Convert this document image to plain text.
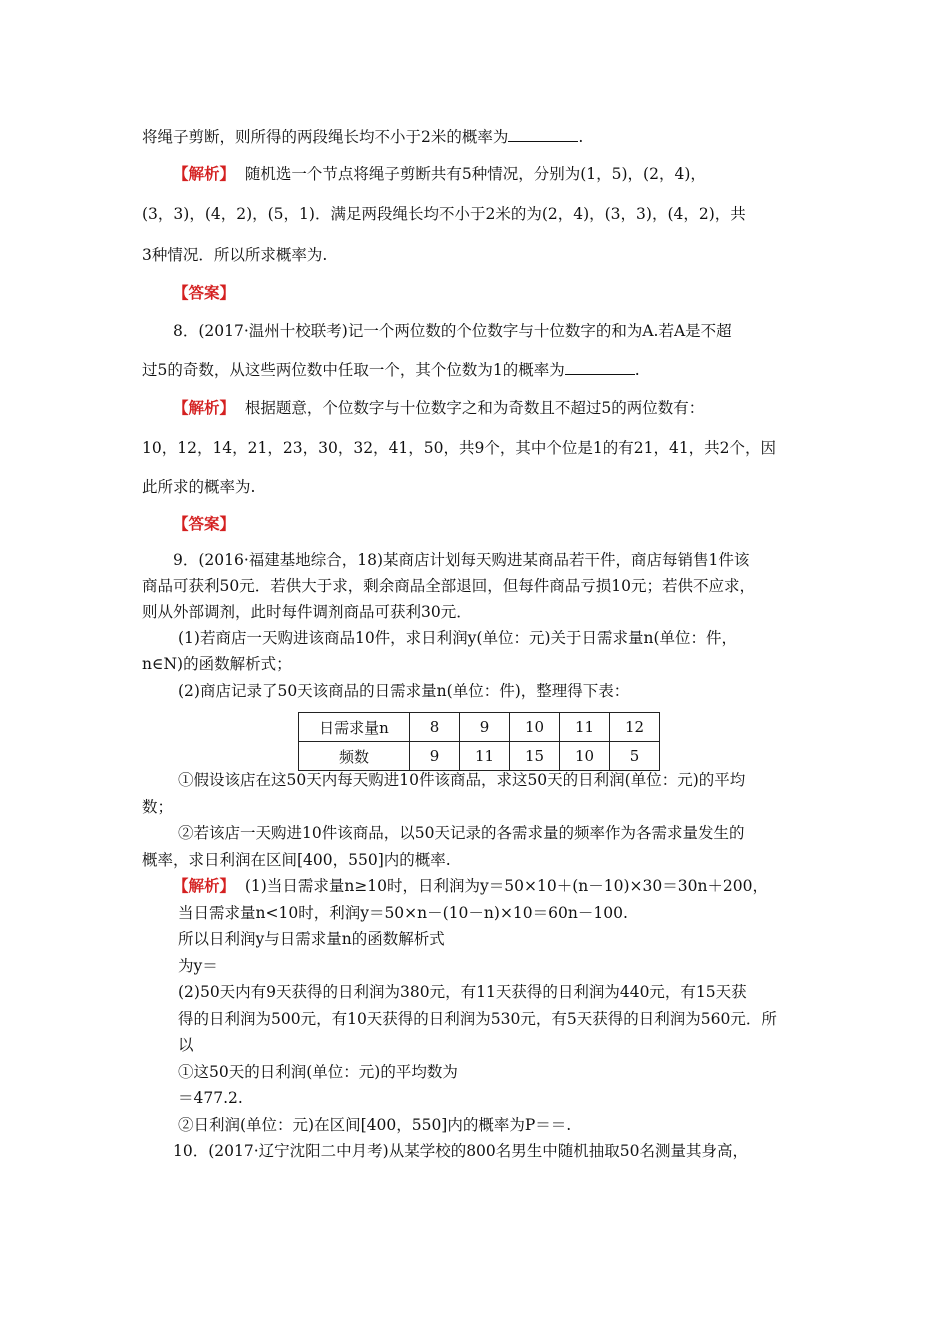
将绳子剪断，则所得的两段绳长均不小于2米的概率为	.
【解析】 随机选一个节点将绳子剪断共有5种情况，分别为(1，5)，(2，4)，
(3，3)，(4，2)，(5，1)．满足两段绳长均不小于2米的为(2，4)，(3，3)，(4，2)，共
3种情况．所以所求概率为.
【答案】
8．(2017·温州十校联考)记一个两位数的个位数字与十位数字的和为A.若A是不超
过5的奇数，从这些两位数中任取一个，其个位数为1的概率为	.
【解析】 根据题意，个位数字与十位数字之和为奇数且不超过5的两位数有：
10，12，14，21，23，30，32，41，50，共9个，其中个位是1的有21，41，共2个，因
此所求的概率为.
【答案】
9．(2016·福建基地综合，18)某商店计划每天购进某商品若干件，商店每销售1件该
商品可获利50元．若供大于求，剩余商品全部退回，但每件商品亏损10元；若供不应求，
则从外部调剂，此时每件调剂商品可获利30元．
(1)若商店一天购进该商品10件，求日利润y(单位：元)关于日需求量n(单位：件，
n∈N)的函数解析式；
(2)商店记录了50天该商品的日需求量n(单位：件)，整理得下表：
日需求量n	8	9	10	11	12
频数	9	11	15	10	5
①假设该店在这50天内每天购进10件该商品，求这50天的日利润(单位：元)的平均
数；
②若该店一天购进10件该商品，以50天记录的各需求量的频率作为各需求量发生的
概率，求日利润在区间[400，550]内的概率.
【解析】 (1)当日需求量n≥10时，日利润为y＝50×10＋(n－10)×30＝30n＋200，
当日需求量n<10时，利润y＝50×n－(10－n)×10＝60n－100.
所以日利润y与日需求量n的函数解析式
为y＝
(2)50天内有9天获得的日利润为380元，有11天获得的日利润为440元，有15天获
得的日利润为500元，有10天获得的日利润为530元，有5天获得的日利润为560元．所
以
①这50天的日利润(单位：元)的平均数为
＝477.2.
②日利润(单位：元)在区间[400，550]内的概率为P＝＝.
10．(2017·辽宁沈阳二中月考)从某学校的800名男生中随机抽取50名测量其身高，
